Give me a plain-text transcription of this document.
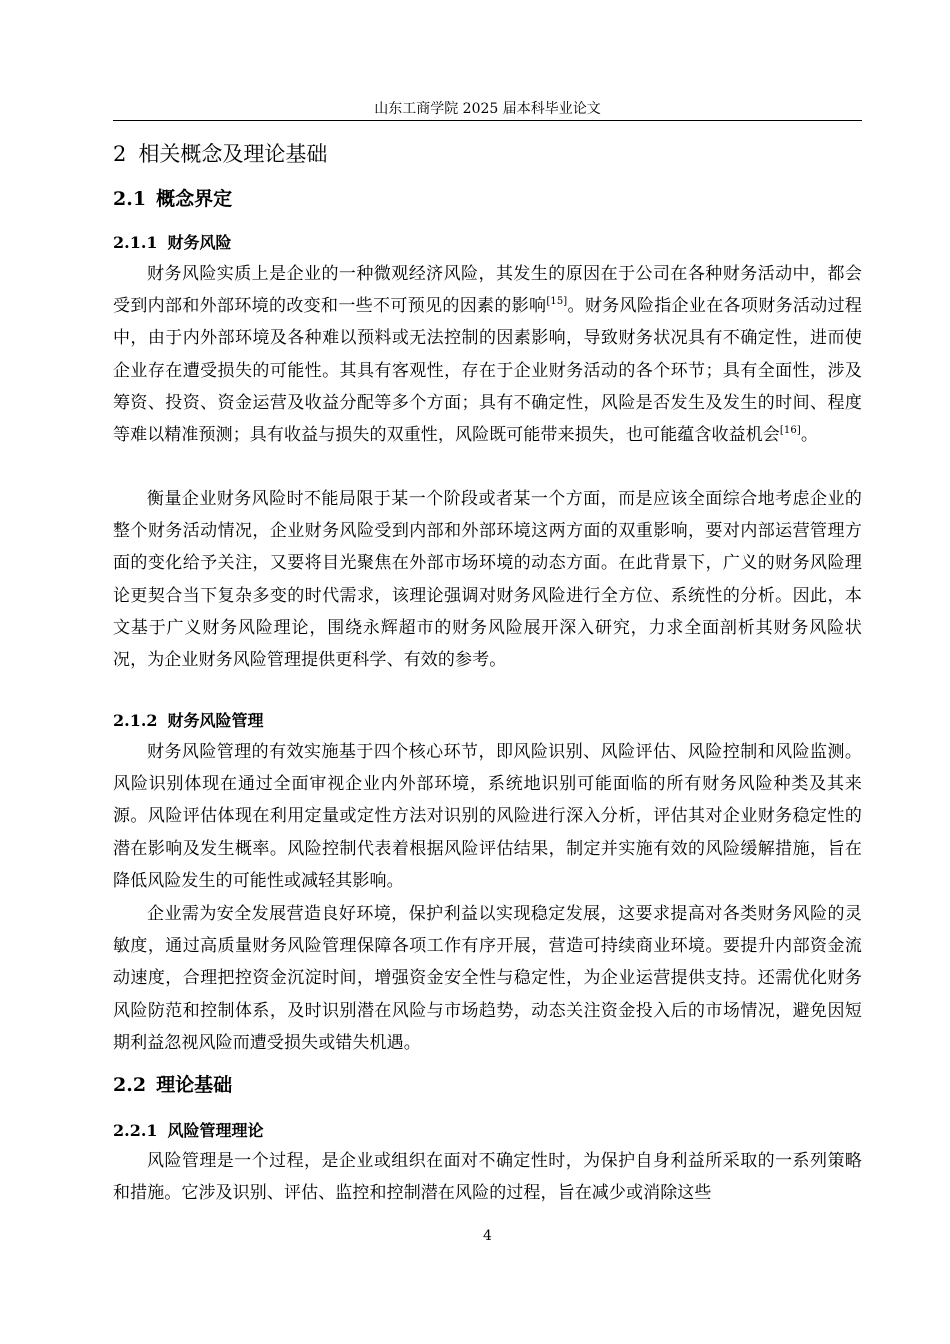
山东工商学院 2025 届本科毕业论文
2 相关概念及理论基础
2.1 概念界定
2.1.1 财务风险
财务风险实质上是企业的一种微观经济风险，其发生的原因在于公司在各种财务活动中，都会受到内部和外部环境的改变和一些不可预见的因素的影响[15]。财务风险指企业在各项财务活动过程中，由于内外部环境及各种难以预料或无法控制的因素影响，导致财务状况具有不确定性，进而使企业存在遭受损失的可能性。其具有客观性，存在于企业财务活动的各个环节；具有全面性，涉及筹资、投资、资金运营及收益分配等多个方面；具有不确定性，风险是否发生及发生的时间、程度等难以精准预测；具有收益与损失的双重性，风险既可能带来损失，也可能蕴含收益机会[16]。
衡量企业财务风险时不能局限于某一个阶段或者某一个方面，而是应该全面综合地考虑企业的整个财务活动情况，企业财务风险受到内部和外部环境这两方面的双重影响，要对内部运营管理方面的变化给予关注，又要将目光聚焦在外部市场环境的动态方面。在此背景下，广义的财务风险理论更契合当下复杂多变的时代需求，该理论强调对财务风险进行全方位、系统性的分析。因此，本文基于广义财务风险理论，围绕永辉超市的财务风险展开深入研究，力求全面剖析其财务风险状况，为企业财务风险管理提供更科学、有效的参考。
2.1.2 财务风险管理
财务风险管理的有效实施基于四个核心环节，即风险识别、风险评估、风险控制和风险监测。风险识别体现在通过全面审视企业内外部环境，系统地识别可能面临的所有财务风险种类及其来源。风险评估体现在利用定量或定性方法对识别的风险进行深入分析，评估其对企业财务稳定性的潜在影响及发生概率。风险控制代表着根据风险评估结果，制定并实施有效的风险缓解措施，旨在降低风险发生的可能性或减轻其影响。
企业需为安全发展营造良好环境，保护利益以实现稳定发展，这要求提高对各类财务风险的灵敏度，通过高质量财务风险管理保障各项工作有序开展，营造可持续商业环境。要提升内部资金流动速度，合理把控资金沉淀时间，增强资金安全性与稳定性，为企业运营提供支持。还需优化财务风险防范和控制体系，及时识别潜在风险与市场趋势，动态关注资金投入后的市场情况，避免因短期利益忽视风险而遭受损失或错失机遇。
2.2 理论基础
2.2.1 风险管理理论
风险管理是一个过程，是企业或组织在面对不确定性时，为保护自身利益所采取的一系列策略和措施。它涉及识别、评估、监控和控制潜在风险的过程，旨在减少或消除这些
4
